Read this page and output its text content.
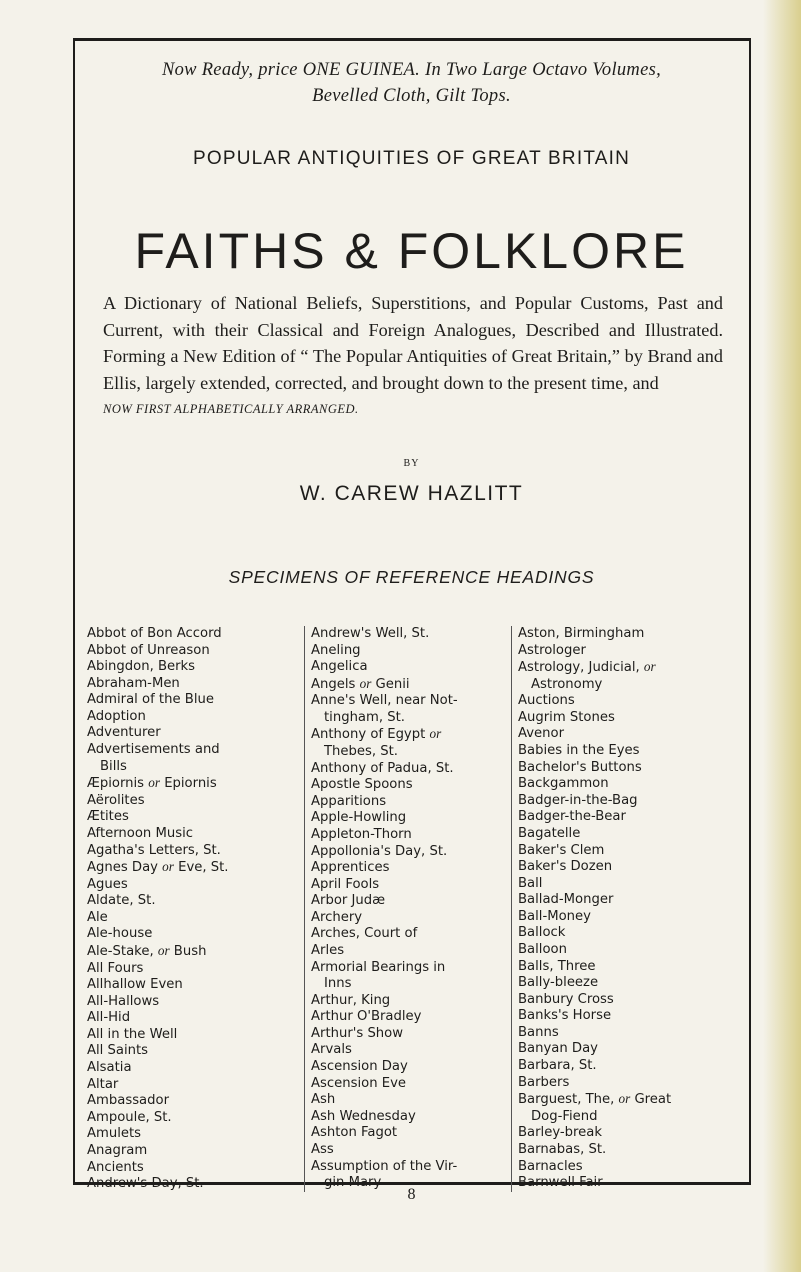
Now Ready, price ONE GUINEA. In Two Large Octavo Volumes,
Bevelled Cloth, Gilt Tops.
POPULAR ANTIQUITIES OF GREAT BRITAIN
FAITHS & FOLKLORE
A Dictionary of National Beliefs, Superstitions, and Popular Customs, Past and Current, with their Classical and Foreign Analogues, Described and Illustrated. Forming a New Edition of “ The Popular Antiquities of Great Britain,” by Brand and Ellis, largely extended, corrected, and brought down to the present time, and
NOW FIRST ALPHABETICALLY ARRANGED.
BY
W. CAREW HAZLITT
SPECIMENS OF REFERENCE HEADINGS
Abbot of Bon Accord
Abbot of Unreason
Abingdon, Berks
Abraham-Men
Admiral of the Blue
Adoption
Adventurer
Advertisements and
Bills
Æpiornis or Epiornis
Aërolites
Ætites
Afternoon Music
Agatha's Letters, St.
Agnes Day or Eve, St.
Agues
Aldate, St.
Ale
Ale-house
Ale-Stake, or Bush
All Fours
Allhallow Even
All-Hallows
All-Hid
All in the Well
All Saints
Alsatia
Altar
Ambassador
Ampoule, St.
Amulets
Anagram
Ancients
Andrew's Day, St.
Andrew's Well, St.
Aneling
Angelica
Angels or Genii
Anne's Well, near Not-
tingham, St.
Anthony of Egypt or
Thebes, St.
Anthony of Padua, St.
Apostle Spoons
Apparitions
Apple-Howling
Appleton-Thorn
Appollonia's Day, St.
Apprentices
April Fools
Arbor Judæ
Archery
Arches, Court of
Arles
Armorial Bearings in
Inns
Arthur, King
Arthur O'Bradley
Arthur's Show
Arvals
Ascension Day
Ascension Eve
Ash
Ash Wednesday
Ashton Fagot
Ass
Assumption of the Vir-
gin Mary
Aston, Birmingham
Astrologer
Astrology, Judicial, or
Astronomy
Auctions
Augrim Stones
Avenor
Babies in the Eyes
Bachelor's Buttons
Backgammon
Badger-in-the-Bag
Badger-the-Bear
Bagatelle
Baker's Clem
Baker's Dozen
Ball
Ballad-Monger
Ball-Money
Ballock
Balloon
Balls, Three
Bally-bleeze
Banbury Cross
Banks's Horse
Banns
Banyan Day
Barbara, St.
Barbers
Barguest, The, or Great
Dog-Fiend
Barley-break
Barnabas, St.
Barnacles
Barnwell Fair
8
